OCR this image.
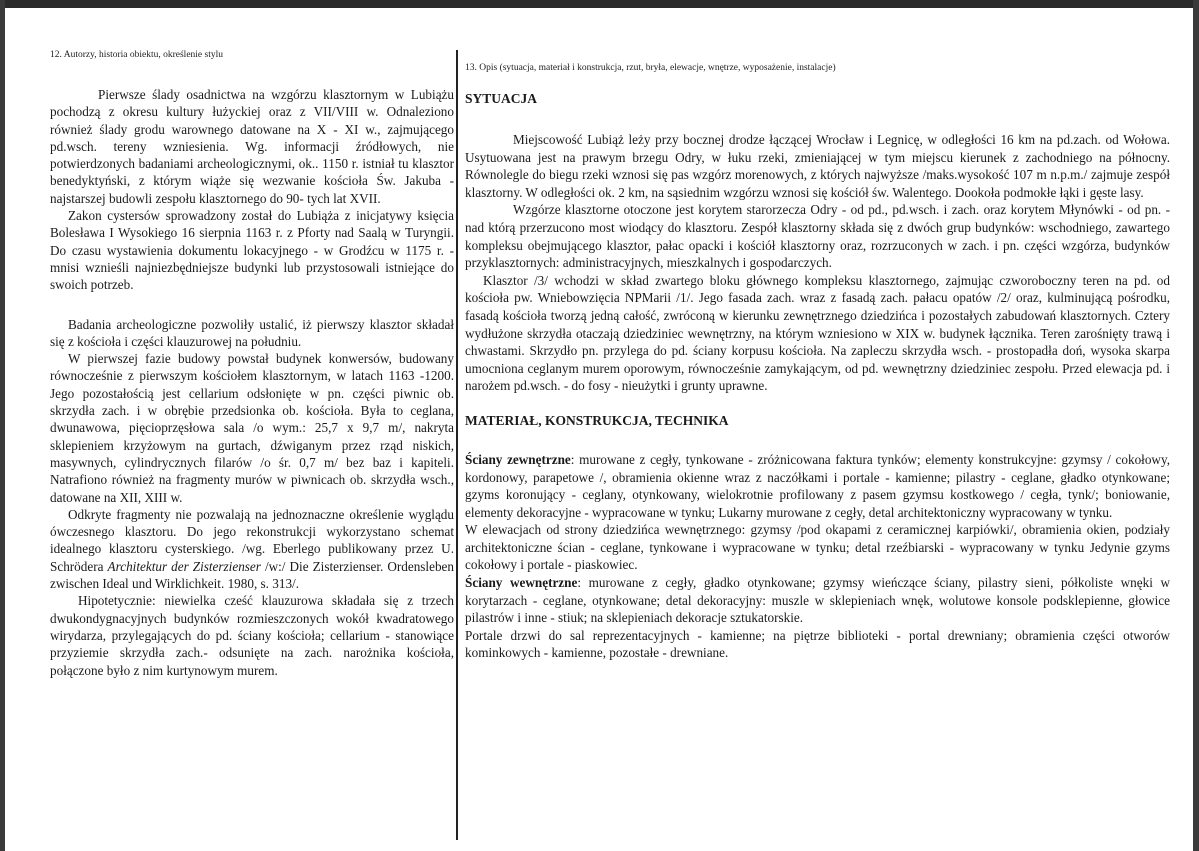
12. Autorzy, historia obiektu, określenie stylu

Pierwsze ślady osadnictwa na wzgórzu klasztornym w Lubiążu pochodzą z okresu kultury łużyckiej oraz z VII/VIII w. Odnaleziono również ślady grodu warownego datowane na X - XI w., zajmującego pd.wsch. tereny wzniesienia. Wg. informacji źródłowych, nie potwierdzonych badaniami archeologicznymi, ok.. 1150 r. istniał tu klasztor benedyktyński, z którym wiąże się wezwanie kościoła Św. Jakuba - najstarszej budowli zespołu klasztornego do 90- tych lat XVII.

Zakon cystersów sprowadzony został do Lubiąża z inicjatywy księcia Bolesława I Wysokiego 16 sierpnia 1163 r. z Pforty nad Saalą w Turyngii. Do czasu wystawienia dokumentu lokacyjnego - w Grodźcu w 1175 r. - mnisi wznieśli najniezbędniejsze budynki lub przystosowali istniejące do swoich potrzeb.

Badania archeologiczne pozwoliły ustalić, iż pierwszy klasztor składał się z kościoła i części klauzurowej na południu.

W pierwszej fazie budowy powstał budynek konwersów, budowany równocześnie z pierwszym kościołem klasztornym, w latach 1163 -1200. Jego pozostałością jest cellarium odsłonięte w pn. części piwnic ob. skrzydła zach. i w obrębie przedsionka ob. kościoła. Była to ceglana, dwunawowa, pięcioprzęsłowa sala /o wym.: 25,7 x 9,7 m/, nakryta sklepieniem krzyżowym na gurtach, dźwiganym przez rząd niskich, masywnych, cylindrycznych filarów /o śr. 0,7 m/ bez baz i kapiteli. Natrafiono również na fragmenty murów w piwnicach ob. skrzydła wsch., datowane na XII, XIII w.

Odkryte fragmenty nie pozwalają na jednoznaczne określenie wyglądu ówczesnego klasztoru. Do jego rekonstrukcji wykorzystano schemat idealnego klasztoru cysterskiego. /wg. Eberlego publikowany przez U. Schrödera Architektur der Zisterzienser /w:/ Die Zisterzienser. Ordensleben zwischen Ideal und Wirklichkeit. 1980, s. 313/.

Hipotetycznie: niewielka cześć klauzurowa składała się z trzech dwukondygnacyjnych budynków rozmieszczonych wokół kwadratowego wirydarza, przylegających do pd. ściany kościoła; cellarium - stanowiące przyziemie skrzydła zach.- odsunięte na zach. narożnika kościoła, połączone było z nim kurtynowym murem.

13. Opis (sytuacja, materiał i konstrukcja, rzut, bryła, elewacje, wnętrze, wyposażenie, instalacje)
SYTUACJA

Miejscowość Lubiąż leży przy bocznej drodze łączącej Wrocław i Legnicę, w odległości 16 km na pd.zach. od Wołowa. Usytuowana jest na prawym brzegu Odry, w łuku rzeki, zmieniającej w tym miejscu kierunek z zachodniego na północny. Równolegle do biegu rzeki wznosi się pas wzgórz morenowych, z których najwyższe /maks.wysokość 107 m n.p.m./ zajmuje zespół klasztorny. W odległości ok. 2 km, na sąsiednim wzgórzu wznosi się kościół św. Walentego. Dookoła podmokłe łąki i gęste lasy.

Wzgórze klasztorne otoczone jest korytem starorzecza Odry - od pd., pd.wsch. i zach. oraz korytem Młynówki - od pn. - nad którą przerzucono most wiodący do klasztoru. Zespół klasztorny składa się z dwóch grup budynków: wschodniego, zawartego kompleksu obejmującego klasztor, pałac opacki i kościół klasztorny oraz, rozrzuconych w zach. i pn. części wzgórza, budynków przyklasztornych: administracyjnych, mieszkalnych i gospodarczych.

Klasztor /3/ wchodzi w skład zwartego bloku głównego kompleksu klasztornego, zajmując czworoboczny teren na pd. od kościoła pw. Wniebowzięcia NPMarii /1/. Jego fasada zach. wraz z fasadą zach. pałacu opatów /2/ oraz, kulminującą pośrodku, fasadą kościoła tworzą jedną całość, zwróconą w kierunku zewnętrznego dziedzińca i pozostałych zabudowań klasztornych. Cztery wydłużone skrzydła otaczają dziedziniec wewnętrzny, na którym wzniesiono w XIX w. budynek łącznika. Teren zarośnięty trawą i chwastami. Skrzydło pn. przylega do pd. ściany korpusu kościoła. Na zapleczu skrzydła wsch. - prostopadła doń, wysoka skarpa umocniona ceglanym murem oporowym, równocześnie zamykającym, od pd. wewnętrzny dziedziniec zespołu. Przed elewacja pd. i narożem pd.wsch. - do fosy - nieużytki i grunty uprawne.

MATERIAŁ, KONSTRUKCJA, TECHNIKA

Ściany zewnętrzne: murowane z cegły, tynkowane - zróżnicowana faktura tynków; elementy konstrukcyjne: gzymsy / cokołowy, kordonowy, parapetowe /, obramienia okienne wraz z naczółkami i portale - kamienne; pilastry - ceglane, gładko otynkowane; gzyms koronujący - ceglany, otynkowany, wielokrotnie profilowany z pasem gzymsu kostkowego / cegła, tynk/; boniowanie, elementy dekoracyjne - wypracowane w tynku; Lukarny murowane z cegły, detal architektoniczny wypracowany w tynku.

W elewacjach od strony dziedzińca wewnętrznego: gzymsy /pod okapami z ceramicznej karpiówki/, obramienia okien, podziały architektoniczne ścian - ceglane, tynkowane i wypracowane w tynku; detal rzeźbiarski - wypracowany w tynku Jedynie gzyms cokołowy i portale - piaskowiec.

Ściany wewnętrzne: murowane z cegły, gładko otynkowane; gzymsy wieńczące ściany, pilastry sieni, półkoliste wnęki w korytarzach - ceglane, otynkowane; detal dekoracyjny: muszle w sklepieniach wnęk, wolutowe konsole podsklepienne, głowice pilastrów i inne - stiuk; na sklepieniach dekoracje sztukatorskie.

Portale drzwi do sal reprezentacyjnych - kamienne; na piętrze biblioteki - portal drewniany; obramienia części otworów kominkowych - kamienne, pozostałe - drewniane.
